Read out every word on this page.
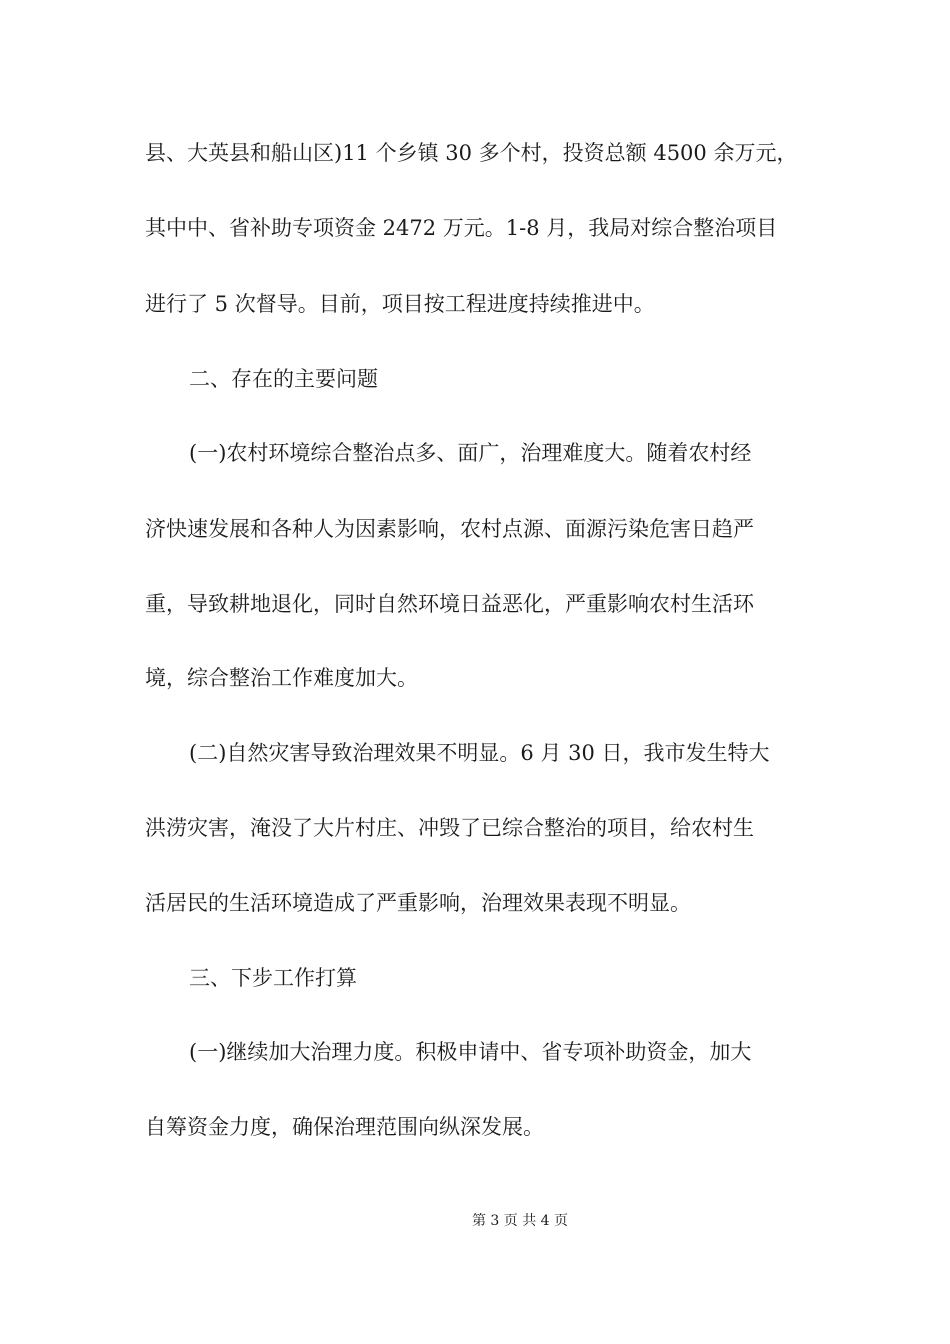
县、大英县和船山区)11 个乡镇 30 多个村，投资总额 4500 余万元，
其中中、省补助专项资金 2472 万元。1-8 月，我局对综合整治项目
进行了 5 次督导。目前，项目按工程进度持续推进中。
二、存在的主要问题
(一)农村环境综合整治点多、面广，治理难度大。随着农村经
济快速发展和各种人为因素影响，农村点源、面源污染危害日趋严
重，导致耕地退化，同时自然环境日益恶化，严重影响农村生活环
境，综合整治工作难度加大。
(二)自然灾害导致治理效果不明显。6 月 30 日，我市发生特大
洪涝灾害，淹没了大片村庄、冲毁了已综合整治的项目，给农村生
活居民的生活环境造成了严重影响，治理效果表现不明显。
三、下步工作打算
(一)继续加大治理力度。积极申请中、省专项补助资金，加大
自筹资金力度，确保治理范围向纵深发展。
第 3 页 共 4 页
